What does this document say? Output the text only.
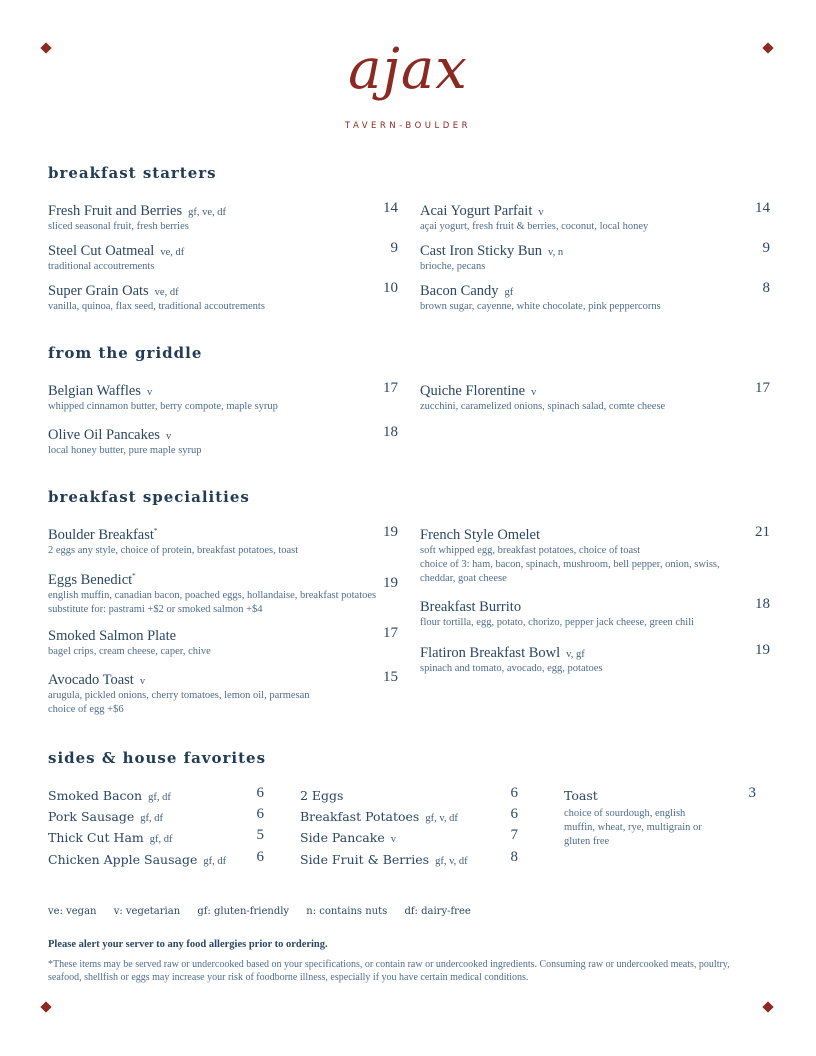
ajax
TAVERN-BOULDER
breakfast starters
Fresh Fruit and Berries gf, ve, df
sliced seasonal fruit, fresh berries
14
Steel Cut Oatmeal ve, df
traditional accoutrements
9
Super Grain Oats ve, df
vanilla, quinoa, flax seed, traditional accoutrements
10
Acai Yogurt Parfait v
açai yogurt, fresh fruit & berries, coconut, local honey
14
Cast Iron Sticky Bun v, n
brioche, pecans
9
Bacon Candy gf
brown sugar, cayenne, white chocolate, pink peppercorns
8
from the griddle
Belgian Waffles v
whipped cinnamon butter, berry compote, maple syrup
17
Olive Oil Pancakes v
local honey butter, pure maple syrup
18
Quiche Florentine v
zucchini, caramelized onions, spinach salad, comte cheese
17
breakfast specialities
Boulder Breakfast*
2 eggs any style, choice of protein, breakfast potatoes, toast
19
Eggs Benedict*
english muffin, canadian bacon, poached eggs, hollandaise, breakfast potatoes substitute for: pastrami +$2 or smoked salmon +$4
19
Smoked Salmon Plate
bagel crips, cream cheese, caper, chive
17
Avocado Toast v
arugula, pickled onions, cherry tomatoes, lemon oil, parmesan
choice of egg +$6
15
French Style Omelet
soft whipped egg, breakfast potatoes, choice of toast
choice of 3: ham, bacon, spinach, mushroom, bell pepper, onion, swiss, cheddar, goat cheese
21
Breakfast Burrito
flour tortilla, egg, potato, chorizo, pepper jack cheese, green chili
18
Flatiron Breakfast Bowl v, gf
spinach and tomato, avocado, egg, potatoes
19
sides & house favorites
Smoked Bacon gf, df	6
Pork Sausage gf, df	6
Thick Cut Ham gf, df	5
Chicken Apple Sausage gf, df	6
2 Eggs	6
Breakfast Potatoes gf, v, df	6
Side Pancake v	7
Side Fruit & Berries gf, v, df	8
Toast
choice of sourdough, english muffin, wheat, rye, multigrain or gluten free
3
ve: vegan v: vegetarian gf: gluten-friendly n: contains nuts df: dairy-free
Please alert your server to any food allergies prior to ordering.
*These items may be served raw or undercooked based on your specifications, or contain raw or undercooked ingredients. Consuming raw or undercooked meats, poultry, seafood, shellfish or eggs may increase your risk of foodborne illness, especially if you have certain medical conditions.
